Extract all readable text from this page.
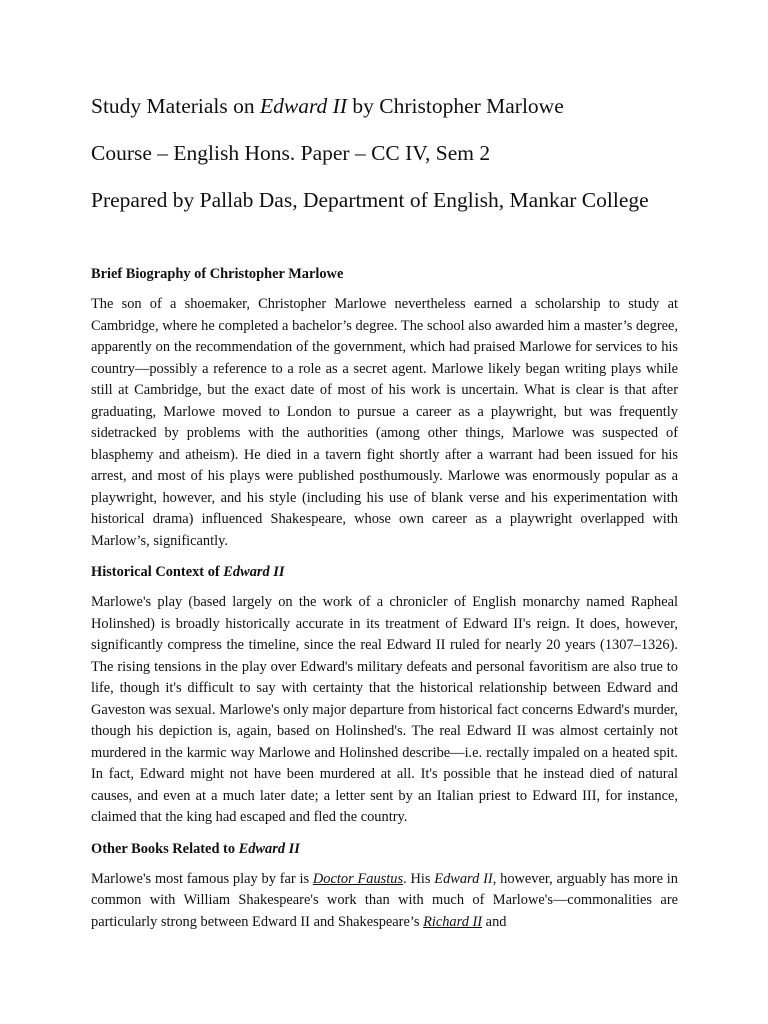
Study Materials on Edward II by Christopher Marlowe
Course – English Hons. Paper – CC IV, Sem 2
Prepared by Pallab Das, Department of English, Mankar College
Brief Biography of Christopher Marlowe
The son of a shoemaker, Christopher Marlowe nevertheless earned a scholarship to study at Cambridge, where he completed a bachelor’s degree. The school also awarded him a master’s degree, apparently on the recommendation of the government, which had praised Marlowe for services to his country—possibly a reference to a role as a secret agent. Marlowe likely began writing plays while still at Cambridge, but the exact date of most of his work is uncertain. What is clear is that after graduating, Marlowe moved to London to pursue a career as a playwright, but was frequently sidetracked by problems with the authorities (among other things, Marlowe was suspected of blasphemy and atheism). He died in a tavern fight shortly after a warrant had been issued for his arrest, and most of his plays were published posthumously. Marlowe was enormously popular as a playwright, however, and his style (including his use of blank verse and his experimentation with historical drama) influenced Shakespeare, whose own career as a playwright overlapped with Marlow’s, significantly.
Historical Context of Edward II
Marlowe's play (based largely on the work of a chronicler of English monarchy named Rapheal Holinshed) is broadly historically accurate in its treatment of Edward II's reign. It does, however, significantly compress the timeline, since the real Edward II ruled for nearly 20 years (1307–1326). The rising tensions in the play over Edward's military defeats and personal favoritism are also true to life, though it's difficult to say with certainty that the historical relationship between Edward and Gaveston was sexual. Marlowe's only major departure from historical fact concerns Edward's murder, though his depiction is, again, based on Holinshed's. The real Edward II was almost certainly not murdered in the karmic way Marlowe and Holinshed describe—i.e. rectally impaled on a heated spit. In fact, Edward might not have been murdered at all. It's possible that he instead died of natural causes, and even at a much later date; a letter sent by an Italian priest to Edward III, for instance, claimed that the king had escaped and fled the country.
Other Books Related to Edward II
Marlowe's most famous play by far is Doctor Faustus. His Edward II, however, arguably has more in common with William Shakespeare's work than with much of Marlowe's—commonalities are particularly strong between Edward II and Shakespeare’s Richard II and
